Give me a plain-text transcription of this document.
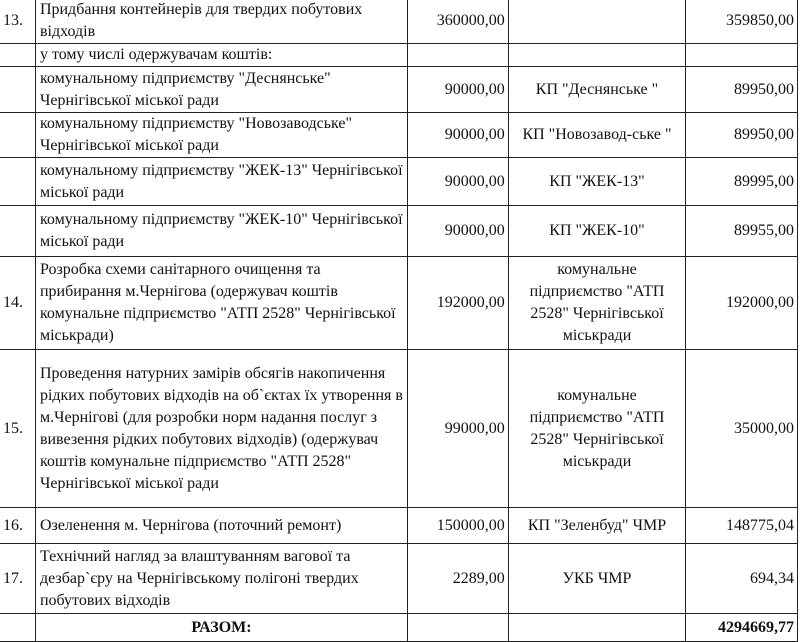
13.	Придбання контейнерів для твердих побутових відходів	360000,00		359850,00
	у тому числі одержувачам коштів:			
	комунальному підприємству "Деснянське" Чернігівської міської ради	90000,00	КП "Деснянське "	89950,00
	комунальному підприємству "Новозаводське" Чернігівської міської ради	90000,00	КП "Новозавод-ське "	89950,00
	комунальному підприємству "ЖЕК-13" Чернігівської міської ради	90000,00	КП "ЖЕК-13"	89995,00
	комунальному підприємству "ЖЕК-10" Чернігівської міської ради	90000,00	КП "ЖЕК-10"	89955,00
14.	Розробка схеми санітарного очищення та прибирання м.Чернігова (одержувач коштів комунальне підприємство "АТП 2528" Чернігівської міськради)	192000,00	комунальне підприємство "АТП 2528" Чернігівської міськради	192000,00
15.	Проведення натурних замірів обсягів накопичення рідких побутових відходів на об`єктах їх утворення в м.Чернігові (для розробки норм надання послуг з вивезення рідких побутових відходів) (одержувач коштів комунальне підприємство "АТП 2528" Чернігівської міської ради	99000,00	комунальне підприємство "АТП 2528" Чернігівської міськради	35000,00
16.	Озеленення м. Чернігова (поточний ремонт)	150000,00	КП "Зеленбуд" ЧМР	148775,04
17.	Технічний нагляд за влаштуванням вагової та дезбар`єру на Чернігівському полігоні твердих побутових відходів	2289,00	УКБ ЧМР	694,34
	РАЗОМ:			4294669,77
